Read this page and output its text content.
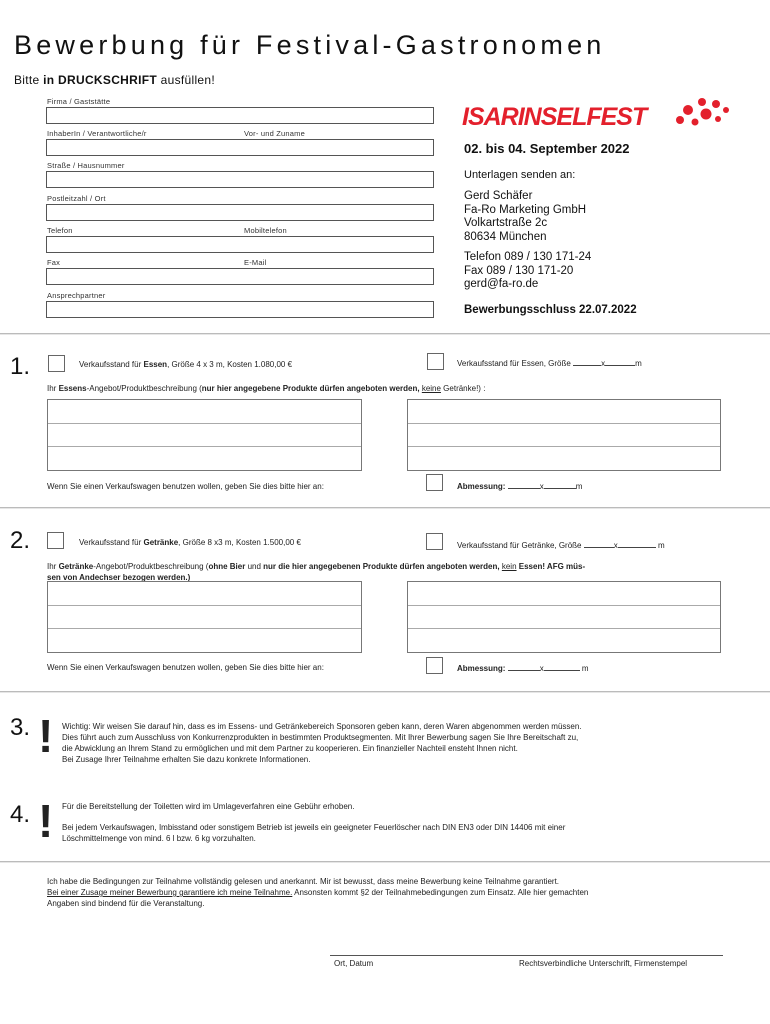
Bewerbung für Festival-Gastronomen
Bitte in DRUCKSCHRIFT ausfüllen!
Firma / Gaststätte
InhaberIn / Verantwortliche/r	Vor- und Zuname
Straße / Hausnummer
Postleitzahl / Ort
Telefon	Mobiltelefon
Fax	E-Mail
Ansprechpartner
ISARINSELFEST
02. bis 04. September 2022
Unterlagen senden an:
Gerd Schäfer
Fa-Ro Marketing GmbH
Volkartstraße 2c
80634 München
Telefon 089 / 130 171-24
Fax 089 / 130 171-20
gerd@fa-ro.de
Bewerbungsschluss 22.07.2022
1.	Verkaufsstand für Essen, Größe 4 x 3 m, Kosten 1.080,00 €	Verkaufsstand für Essen, Größe	x	m
Ihr Essens-Angebot/Produktbeschreibung (nur hier angegebene Produkte dürfen angeboten werden, keine Getränke!) :
Wenn Sie einen Verkaufswagen benutzen wollen, geben Sie dies bitte hier an:	Abmessung:	x	m
2.	Verkaufsstand für Getränke, Größe 8 x3 m, Kosten 1.500,00 €	Verkaufsstand für Getränke, Größe	x	m
Ihr Getränke-Angebot/Produktbeschreibung (ohne Bier und nur die hier angegebenen Produkte dürfen angeboten werden, kein Essen! AFG müs-
sen von Andechser bezogen werden.)
Wenn Sie einen Verkaufswagen benutzen wollen, geben Sie dies bitte hier an:	Abmessung:	x	m
3. ! Wichtig: Wir weisen Sie darauf hin, dass es im Essens- und Getränkebereich Sponsoren geben kann, deren Waren abgenommen werden müssen.
Dies führt auch zum Ausschluss von Konkurrenzprodukten in bestimmten Produktsegmenten. Mit Ihrer Bewerbung sagen Sie Ihre Bereitschaft zu,
die Abwicklung an Ihrem Stand zu ermöglichen und mit dem Partner zu kooperieren. Ein finanzieller Nachteil ensteht Ihnen nicht.
Bei Zusage Ihrer Teilnahme erhalten Sie dazu konkrete Informationen.
4. ! Für die Bereitstellung der Toiletten wird im Umlageverfahren eine Gebühr erhoben.
Bei jedem Verkaufswagen, Imbisstand oder sonstigem Betrieb ist jeweils ein geeigneter Feuerlöscher nach DIN EN3 oder DIN 14406 mit einer
Löschmittelmenge von mind. 6 l bzw. 6 kg vorzuhalten.
Ich habe die Bedingungen zur Teilnahme vollständig gelesen und anerkannt. Mir ist bewusst, dass meine Bewerbung keine Teilnahme garantiert.
Bei einer Zusage meiner Bewerbung garantiere ich meine Teilnahme. Ansonsten kommt §2 der Teilnahmebedingungen zum Einsatz. Alle hier gemachten
Angaben sind bindend für die Veranstaltung.
Ort, Datum	Rechtsverbindliche Unterschrift, Firmenstempel
